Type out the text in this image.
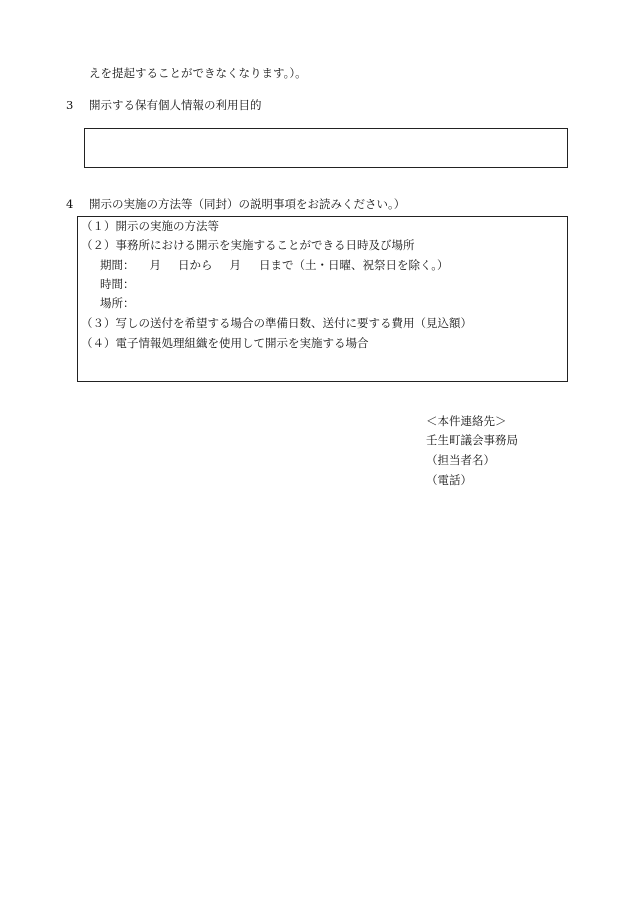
えを提起することができなくなります。）。
3 開示する保有個人情報の利用目的
4 開示の実施の方法等（同封）の説明事項をお読みください。）
（１）開示の実施の方法等
（２）事務所における開示を実施することができる日時及び場所
期間： 月 日から 月 日まで（土・日曜、祝祭日を除く。）
時間：
場所：
（３）写しの送付を希望する場合の準備日数、送付に要する費用（見込額）
（４）電子情報処理組織を使用して開示を実施する場合
＜本件連絡先＞
壬生町議会事務局
（担当者名）
（電話）
